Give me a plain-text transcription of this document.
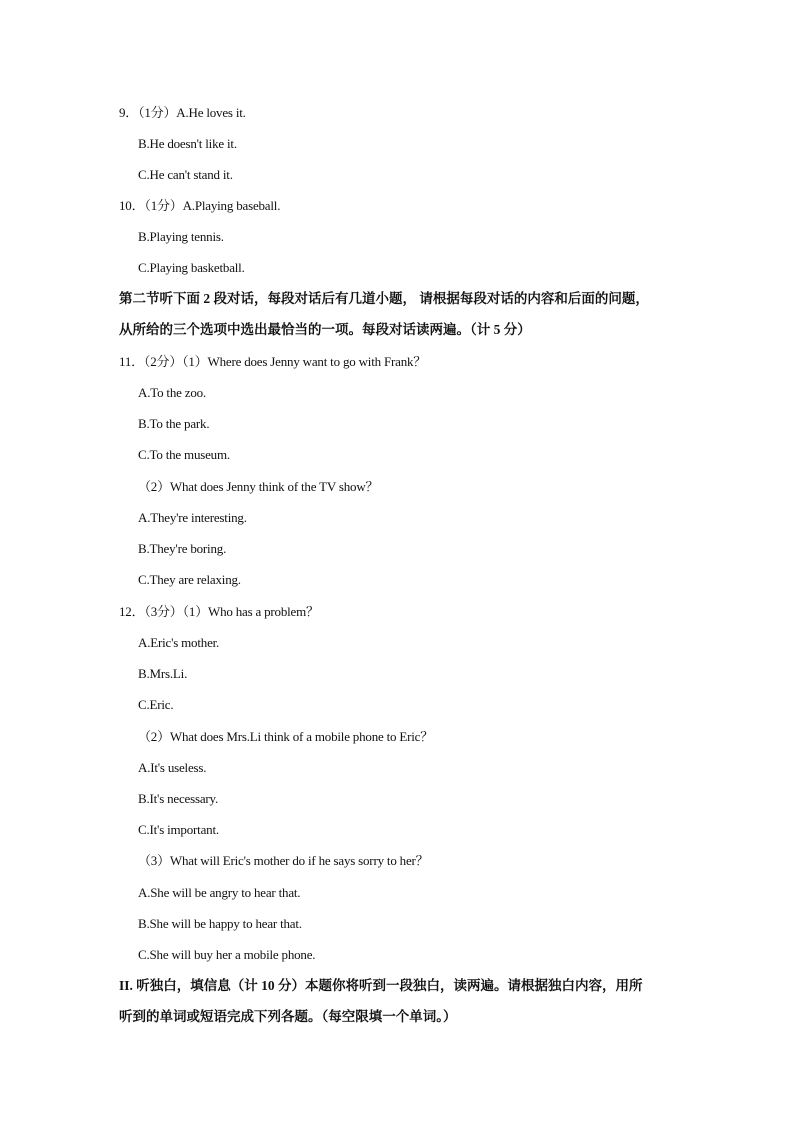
9．（1分）A.He loves it.
B.He doesn't like it.
C.He can't stand it.
10．（1分）A.Playing baseball.
B.Playing tennis.
C.Playing basketball.
第二节听下面 2 段对话，每段对话后有几道小题， 请根据每段对话的内容和后面的问题，
从所给的三个选项中选出最恰当的一项。每段对话读两遍。（计 5 分）
11．（2分）（1）Where does Jenny want to go with Frank？
A.To the zoo.
B.To the park.
C.To the museum.
（2）What does Jenny think of the TV show？
A.They're interesting.
B.They're boring.
C.They are relaxing.
12．（3分）（1）Who has a problem？
A.Eric's mother.
B.Mrs.Li.
C.Eric.
（2）What does Mrs.Li think of a mobile phone to Eric？
A.It's useless.
B.It's necessary.
C.It's important.
（3）What will Eric's mother do if he says sorry to her？
A.She will be angry to hear that.
B.She will be happy to hear that.
C.She will buy her a mobile phone.
II. 听独白，填信息（计 10 分）本题你将听到一段独白，读两遍。请根据独白内容，用所
听到的单词或短语完成下列各题。（每空限填一个单词。）
